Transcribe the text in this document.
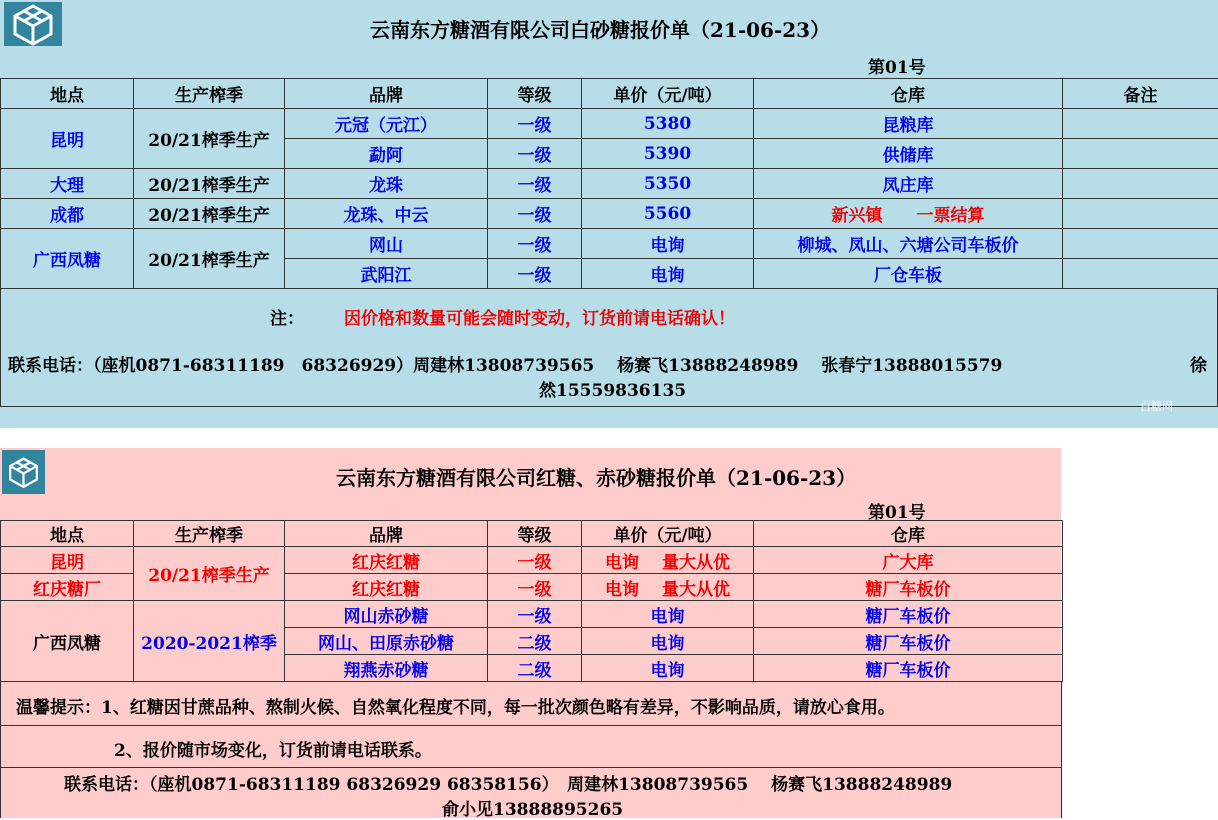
云南东方糖酒有限公司白砂糖报价单（21-06-23）
第01号
地点	生产榨季	品牌	等级	单价（元/吨）	仓库	备注
昆明	20/21榨季生产	元冠（元江）	一级	5380	昆粮库	
		勐阿	一级	5390	供储库	
大理	20/21榨季生产	龙珠	一级	5350	凤庄库	
成都	20/21榨季生产	龙珠、中云	一级	5560	新兴镇　　一票结算	
广西凤糖	20/21榨季生产	网山	一级	电询	柳城、凤山、六塘公司车板价	
		武阳江	一级	电询	厂仓车板	
注： 因价格和数量可能会随时变动，订货前请电话确认！
联系电话：（座机0871-68311189　68326929）周建林13808739565　 杨赛飞13888248989　 张春宁13888015579	徐
然15559836135
白糖网
云南东方糖酒有限公司红糖、赤砂糖报价单（21-06-23）
第01号
地点	生产榨季	品牌	等级	单价（元/吨）	仓库
昆明	20/21榨季生产	红庆红糖	一级	电询　 量大从优	广大库
红庆糖厂		红庆红糖	一级	电询　 量大从优	糖厂车板价
广西凤糖	2020-2021榨季	网山赤砂糖	一级	电询	糖厂车板价
		网山、田原赤砂糖	二级	电询	糖厂车板价
		翔燕赤砂糖	二级	电询	糖厂车板价
温馨提示：1、红糖因甘蔗品种、熬制火候、自然氧化程度不同，每一批次颜色略有差异，不影响品质，请放心食用。
2、报价随市场变化，订货前请电话联系。
联系电话：（座机0871-68311189 68326929 68358156）　周建林13808739565　 杨赛飞13888248989
俞小见13888895265
